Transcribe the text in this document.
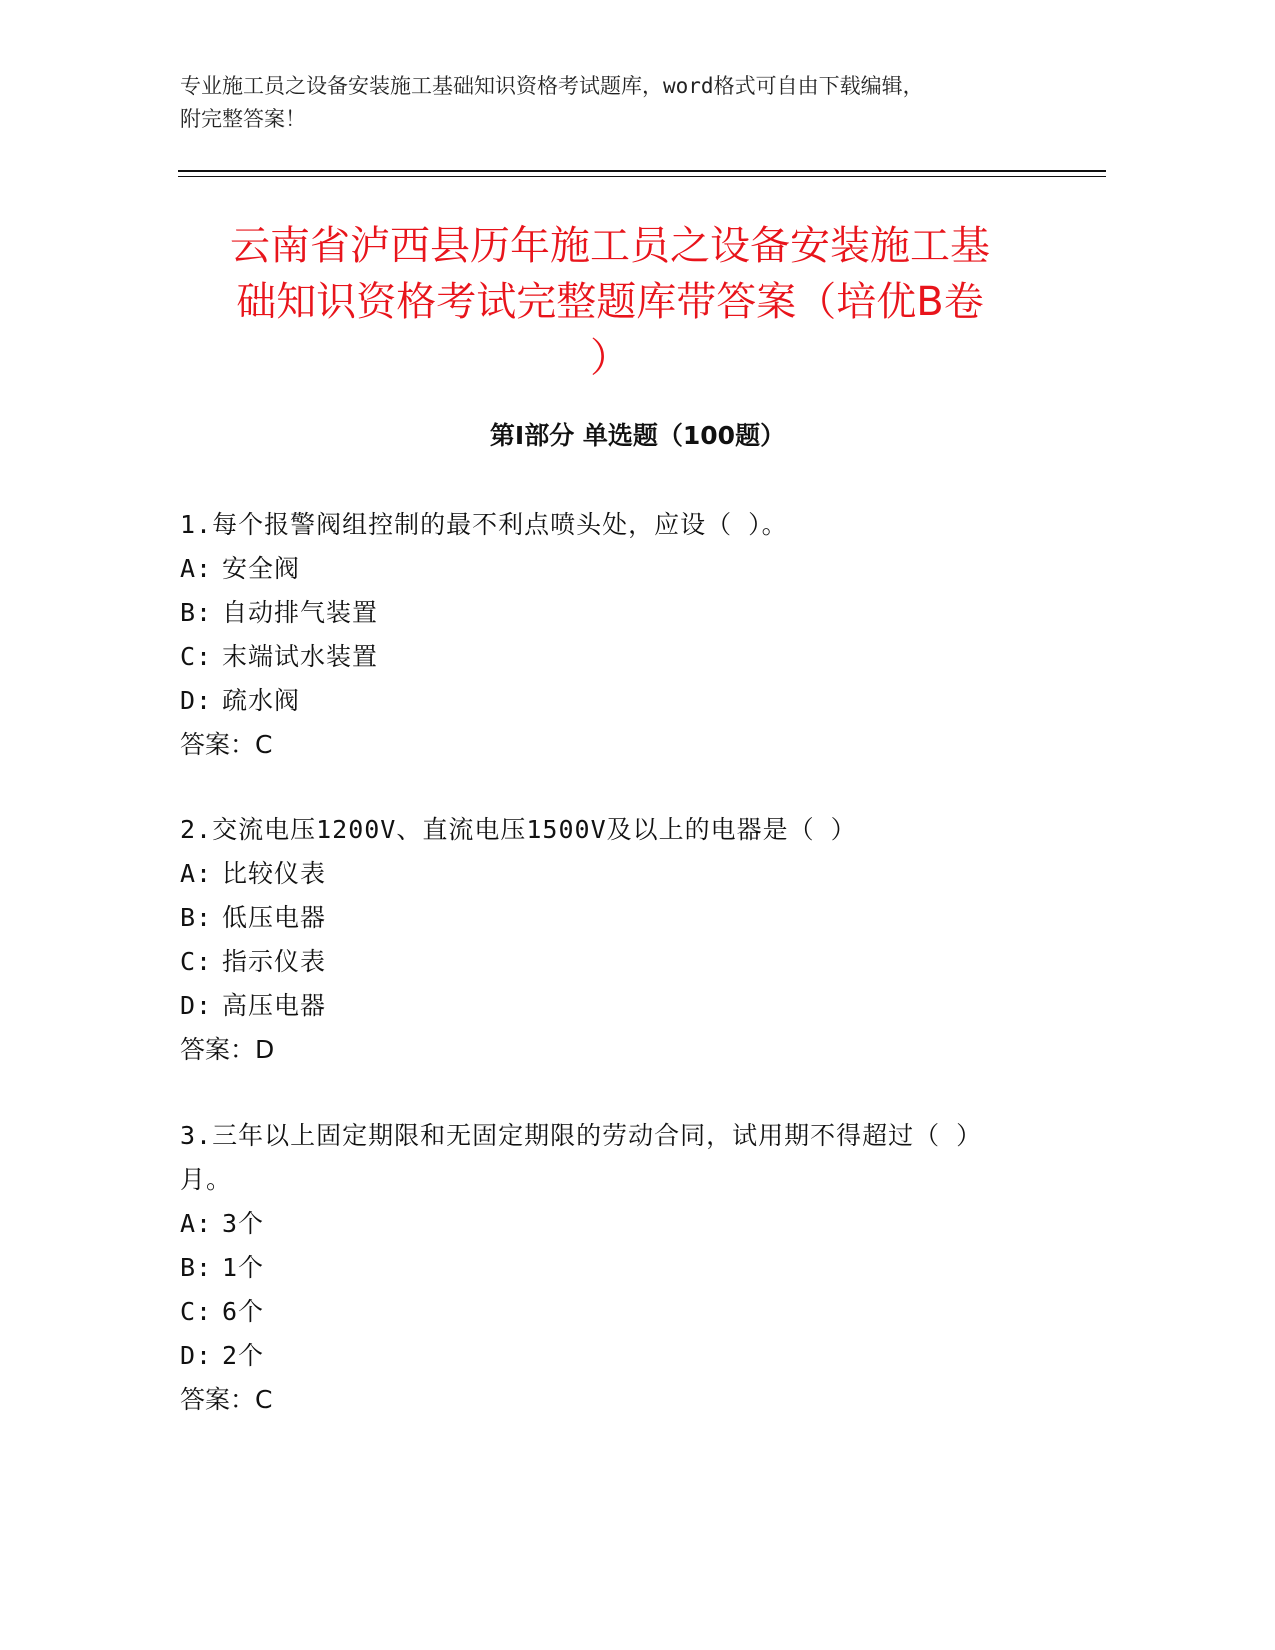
专业施工员之设备安装施工基础知识资格考试题库，word格式可自由下载编辑，
附完整答案！
云南省泸西县历年施工员之设备安装施工基
础知识资格考试完整题库带答案（培优B卷
）
第I部分 单选题（100题）
1.每个报警阀组控制的最不利点喷头处，应设（ ）。
A: 安全阀
B: 自动排气装置
C: 末端试水装置
D: 疏水阀
答案：C
2.交流电压1200V、直流电压1500V及以上的电器是（ ）
A: 比较仪表
B: 低压电器
C: 指示仪表
D: 高压电器
答案：D
3.三年以上固定期限和无固定期限的劳动合同，试用期不得超过（ ）
月。
A: 3个
B: 1个
C: 6个
D: 2个
答案：C
